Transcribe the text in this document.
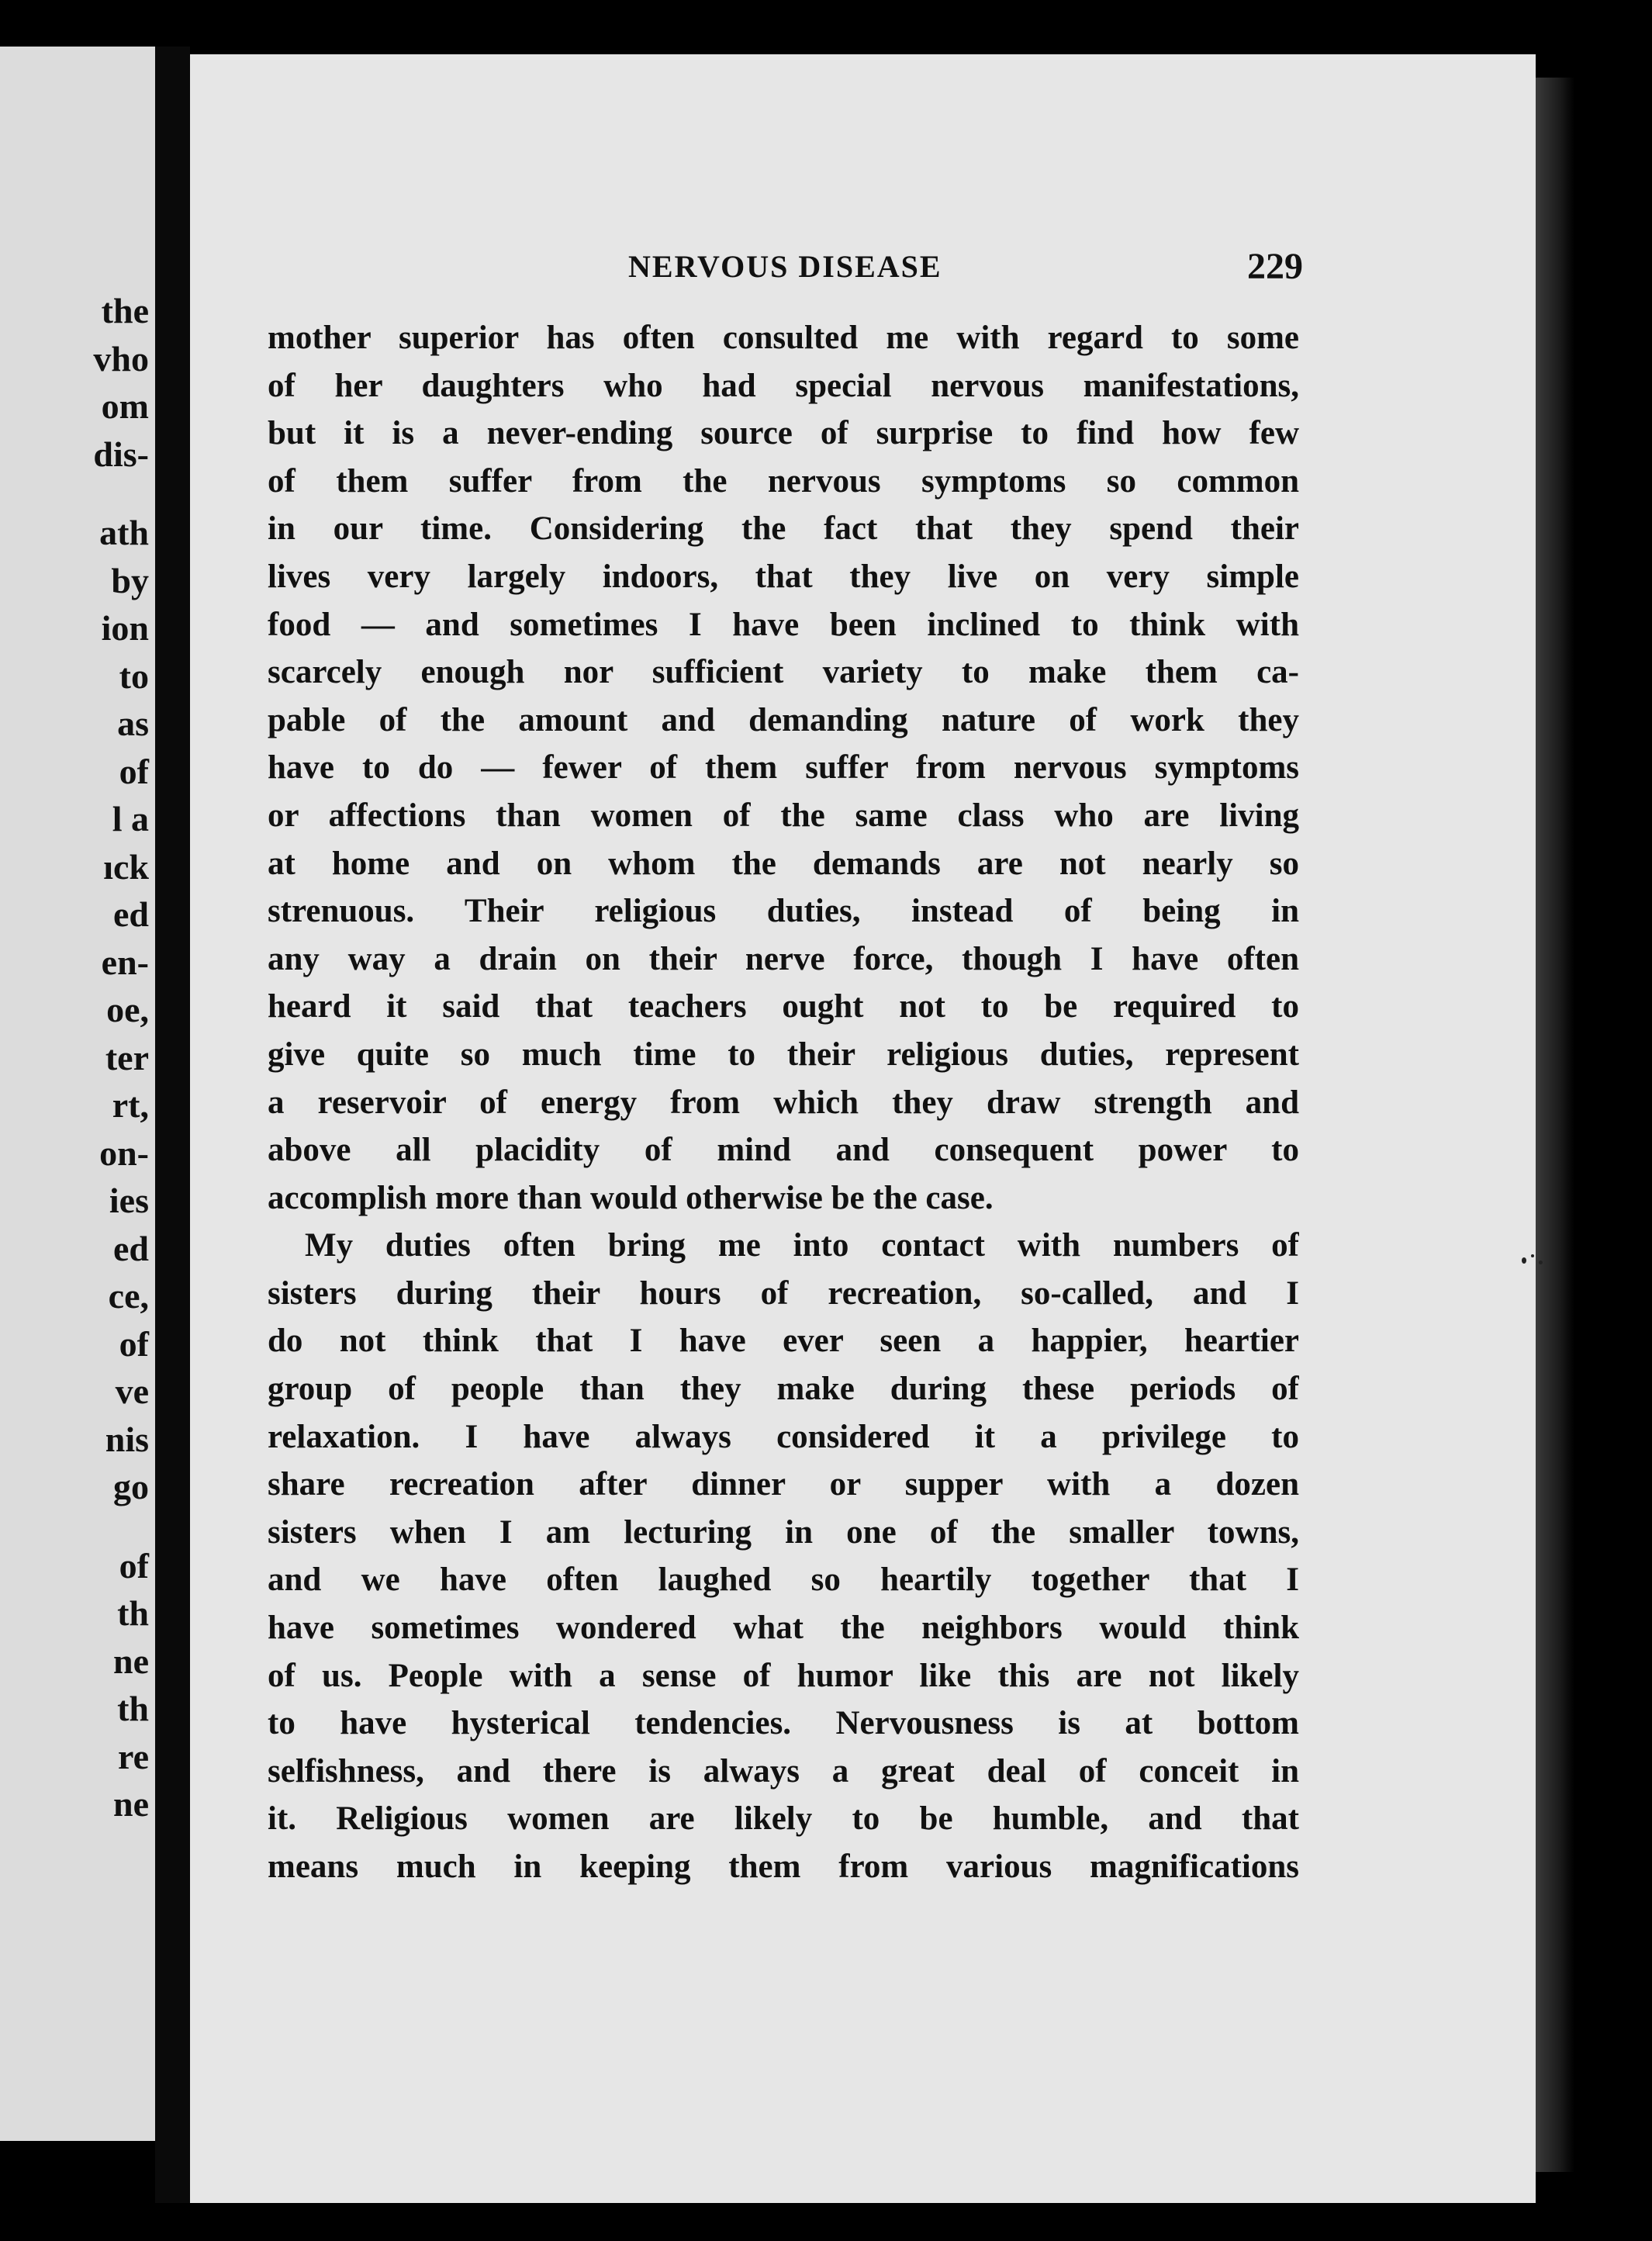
the
vho
om
dis-
ath
by
ion
to
as
of
l a
ıck
ed
en-
oe,
ter
rt,
on-
ies
ed
ce,
of
ve
nis
go
of
th
ne
th
re
ne
NERVOUS DISEASE	229
mother superior has often consulted me with regard to some
of her daughters who had special nervous manifestations,
but it is a never-ending source of surprise to find how few
of them suffer from the nervous symptoms so common
in our time. Considering the fact that they spend their
lives very largely indoors, that they live on very simple
food — and sometimes I have been inclined to think with
scarcely enough nor sufficient variety to make them ca-
pable of the amount and demanding nature of work they
have to do — fewer of them suffer from nervous symptoms
or affections than women of the same class who are living
at home and on whom the demands are not nearly so
strenuous. Their religious duties, instead of being in
any way a drain on their nerve force, though I have often
heard it said that teachers ought not to be required to
give quite so much time to their religious duties, represent
a reservoir of energy from which they draw strength and
above all placidity of mind and consequent power to
accomplish more than would otherwise be the case.
My duties often bring me into contact with numbers of
sisters during their hours of recreation, so-called, and I
do not think that I have ever seen a happier, heartier
group of people than they make during these periods of
relaxation. I have always considered it a privilege to
share recreation after dinner or supper with a dozen
sisters when I am lecturing in one of the smaller towns,
and we have often laughed so heartily together that I
have sometimes wondered what the neighbors would think
of us. People with a sense of humor like this are not likely
to have hysterical tendencies. Nervousness is at bottom
selfishness, and there is always a great deal of conceit in
it. Religious women are likely to be humble, and that
means much in keeping them from various magnifications
